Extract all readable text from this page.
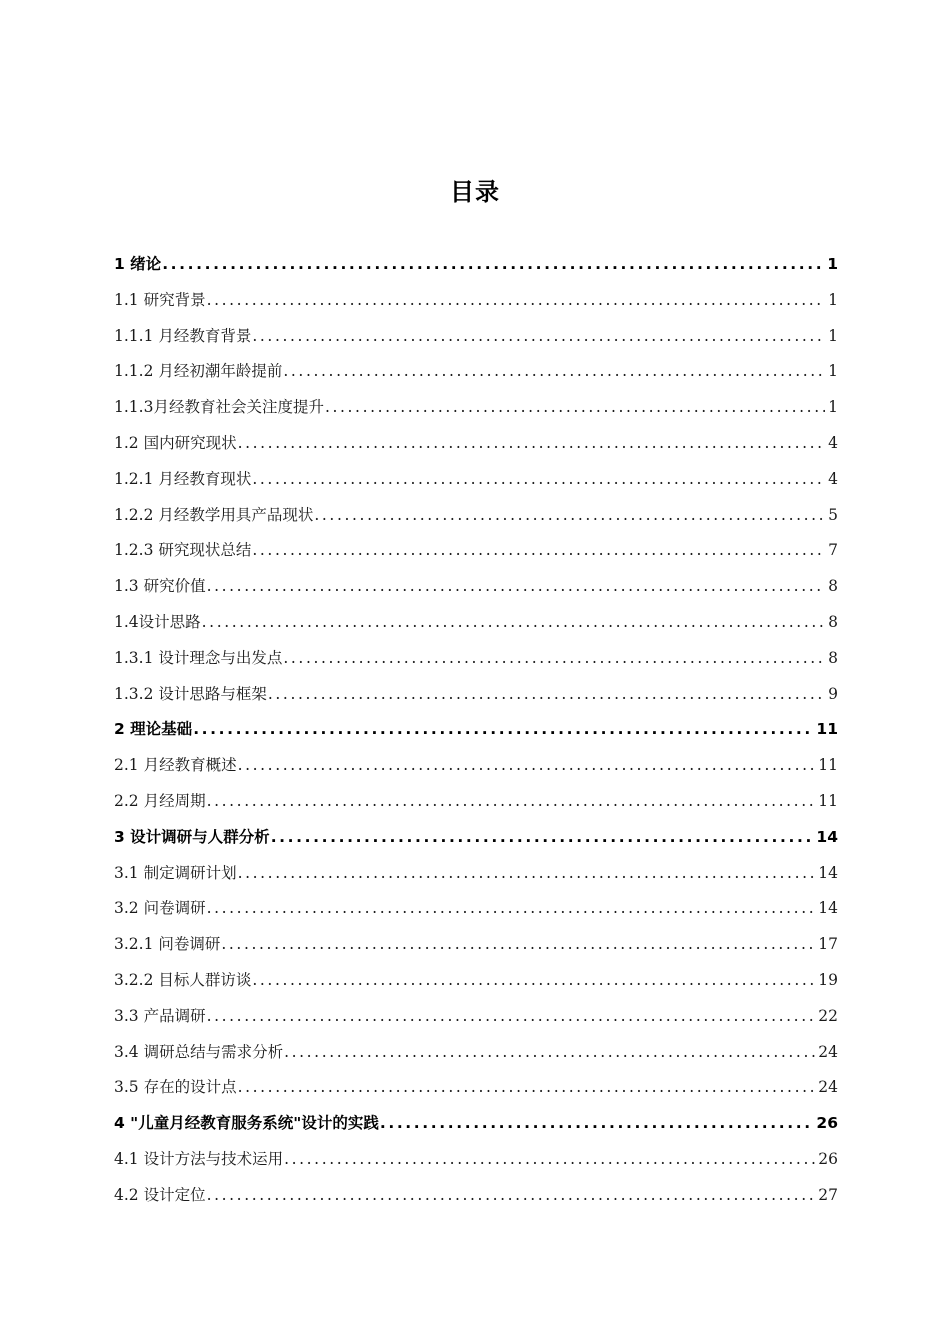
目录
1 绪论 .....	1
1.1 研究背景 .....	1
1.1.1 月经教育背景 .....	1
1.1.2 月经初潮年龄提前 .....	1
1.1.3月经教育社会关注度提升 .....	1
1.2 国内研究现状 .....	4
1.2.1 月经教育现状 .....	4
1.2.2 月经教学用具产品现状 .....	5
1.2.3 研究现状总结 .....	7
1.3 研究价值 .....	8
1.4设计思路 .....	8
1.3.1 设计理念与出发点 .....	8
1.3.2 设计思路与框架 .....	9
2 理论基础 .....	11
2.1 月经教育概述 .....	11
2.2 月经周期 .....	11
3 设计调研与人群分析 .....	14
3.1 制定调研计划 .....	14
3.2 问卷调研 .....	14
3.2.1 问卷调研 .....	17
3.2.2 目标人群访谈 .....	19
3.3 产品调研 .....	22
3.4 调研总结与需求分析 .....	24
3.5 存在的设计点 .....	24
4 "儿童月经教育服务系统"设计的实践 .....	26
4.1 设计方法与技术运用 .....	26
4.2 设计定位 .....	27
